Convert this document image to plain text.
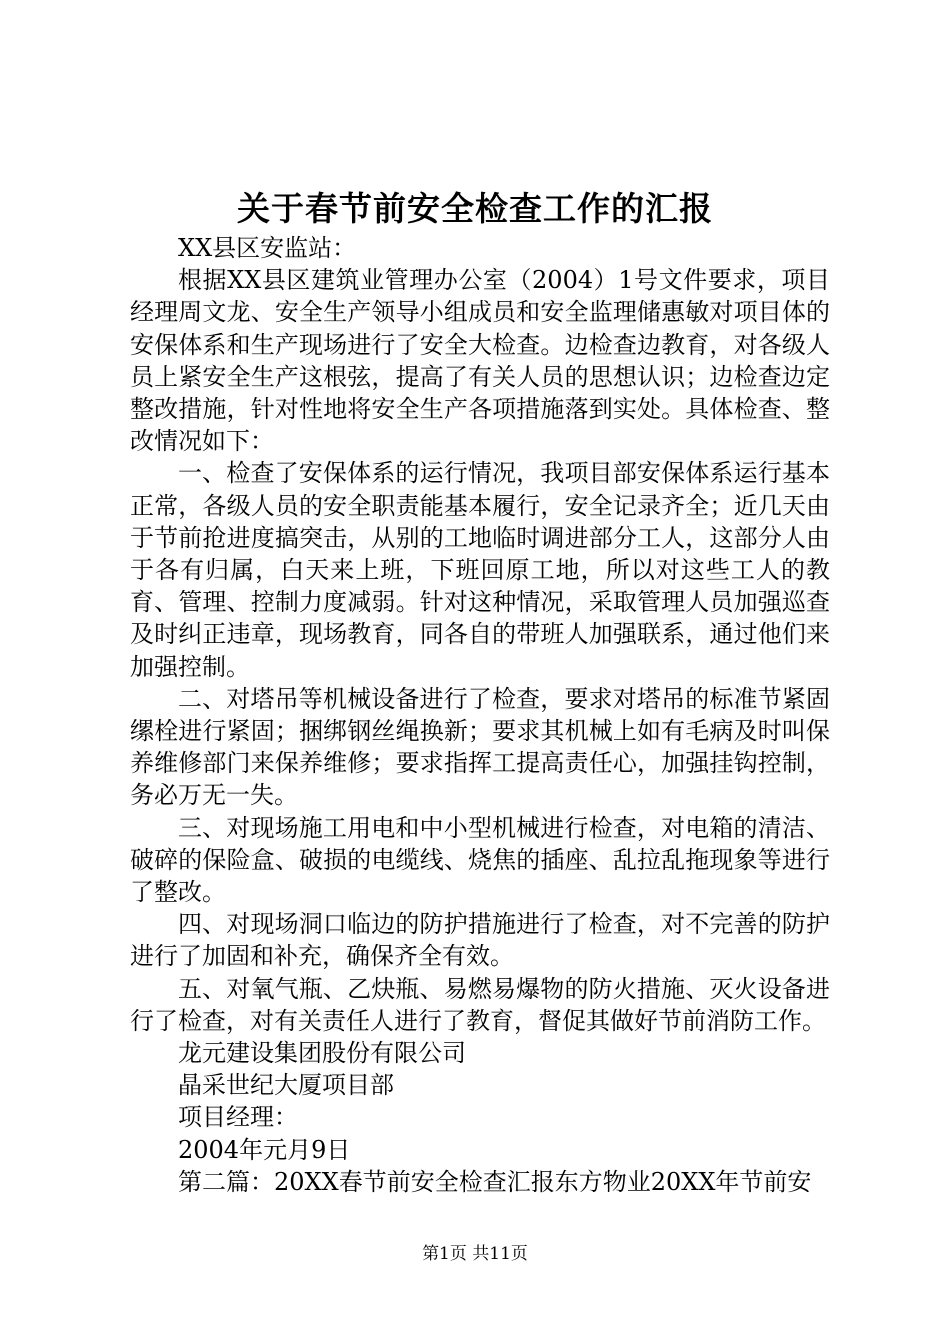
关于春节前安全检查工作的汇报

XX县区安监站：

根据XX县区建筑业管理办公室（2004）1号文件要求，项目经理周文龙、安全生产领导小组成员和安全监理储惠敏对项目体的安保体系和生产现场进行了安全大检查。边检查边教育，对各级人员上紧安全生产这根弦，提高了有关人员的思想认识；边检查边定整改措施，针对性地将安全生产各项措施落到实处。具体检查、整改情况如下：

一、检查了安保体系的运行情况，我项目部安保体系运行基本正常，各级人员的安全职责能基本履行，安全记录齐全；近几天由于节前抢进度搞突击，从别的工地临时调进部分工人，这部分人由于各有归属，白天来上班，下班回原工地，所以对这些工人的教育、管理、控制力度减弱。针对这种情况，采取管理人员加强巡查及时纠正违章，现场教育，同各自的带班人加强联系，通过他们来加强控制。

二、对塔吊等机械设备进行了检查，要求对塔吊的标准节紧固缧栓进行紧固；捆绑钢丝绳换新；要求其机械上如有毛病及时叫保养维修部门来保养维修；要求指挥工提高责任心，加强挂钩控制，务必万无一失。

三、对现场施工用电和中小型机械进行检查，对电箱的清洁、破碎的保险盒、破损的电缆线、烧焦的插座、乱拉乱拖现象等进行了整改。

四、对现场洞口临边的防护措施进行了检查，对不完善的防护进行了加固和补充，确保齐全有效。

五、对氧气瓶、乙炔瓶、易燃易爆物的防火措施、灭火设备进行了检查，对有关责任人进行了教育，督促其做好节前消防工作。

龙元建设集团股份有限公司

晶采世纪大厦项目部

项目经理：

2004年元月9日

第二篇：20XX春节前安全检查汇报东方物业20XX年节前安

第1页 共11页
